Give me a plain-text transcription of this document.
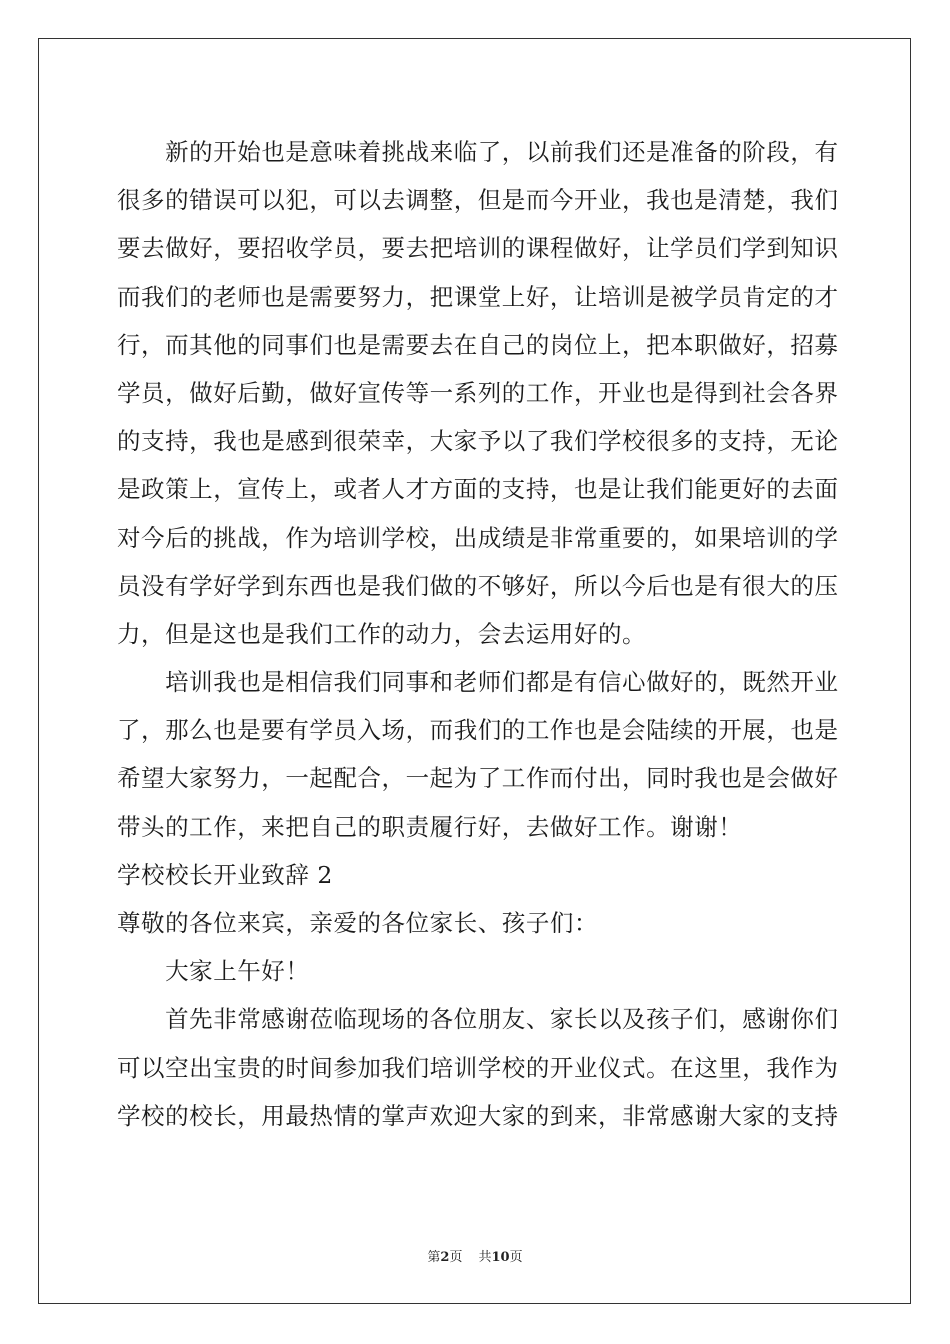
　　新的开始也是意味着挑战来临了，以前我们还是准备的阶段，有
很多的错误可以犯，可以去调整，但是而今开业，我也是清楚，我们
要去做好，要招收学员，要去把培训的课程做好，让学员们学到知识
而我们的老师也是需要努力，把课堂上好，让培训是被学员肯定的才
行，而其他的同事们也是需要去在自己的岗位上，把本职做好，招募
学员，做好后勤，做好宣传等一系列的工作，开业也是得到社会各界
的支持，我也是感到很荣幸，大家予以了我们学校很多的支持，无论
是政策上，宣传上，或者人才方面的支持，也是让我们能更好的去面
对今后的挑战，作为培训学校，出成绩是非常重要的，如果培训的学
员没有学好学到东西也是我们做的不够好，所以今后也是有很大的压
力，但是这也是我们工作的动力，会去运用好的。
　　培训我也是相信我们同事和老师们都是有信心做好的，既然开业
了，那么也是要有学员入场，而我们的工作也是会陆续的开展，也是
希望大家努力，一起配合，一起为了工作而付出，同时我也是会做好
带头的工作，来把自己的职责履行好，去做好工作。谢谢！
学校校长开业致辞 2
尊敬的各位来宾，亲爱的各位家长、孩子们：
　　大家上午好！
　　首先非常感谢莅临现场的各位朋友、家长以及孩子们，感谢你们
可以空出宝贵的时间参加我们培训学校的开业仪式。在这里，我作为
学校的校长，用最热情的掌声欢迎大家的到来，非常感谢大家的支持
第2页 共10页
